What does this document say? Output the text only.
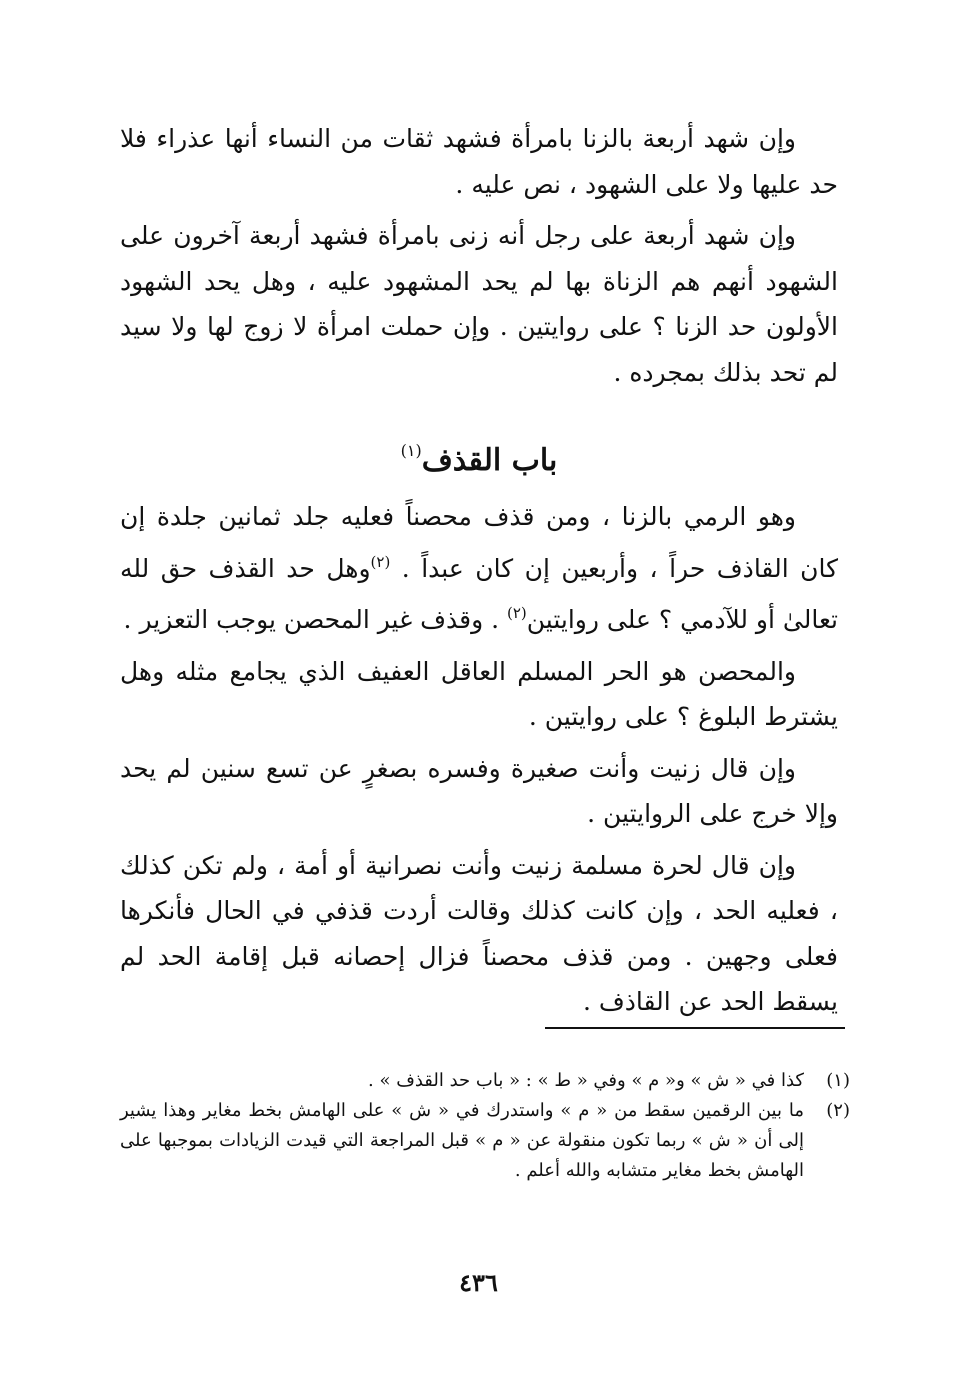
وإن شهد أربعة بالزنا بامرأة فشهد ثقات من النساء أنها عذراء فلا حد عليها ولا على الشهود ، نص عليه .

وإن شهد أربعة على رجل أنه زنى بامرأة فشهد أربعة آخرون على الشهود أنهم هم الزناة بها لم يحد المشهود عليه ، وهل يحد الشهود الأولون حد الزنا ؟ على روايتين . وإن حملت امرأة لا زوج لها ولا سيد لم تحد بذلك بمجرده .

باب القذف$^{(١)}$

وهو الرمي بالزنا ، ومن قذف محصناً فعليه جلد ثمانين جلدة إن كان القاذف حراً ، وأربعين إن كان عبداً . $^{(٢)}$وهل حد القذف حق لله تعالىٰ أو للآدمي ؟ على روايتين$^{(٢)}$ . وقذف غير المحصن يوجب التعزير .

والمحصن هو الحر المسلم العاقل العفيف الذي يجامع مثله وهل يشترط البلوغ ؟ على روايتين .

وإن قال زنيت وأنت صغيرة وفسره بصغرٍ عن تسع سنين لم يحد وإلا خرج على الروايتين .

وإن قال لحرة مسلمة زنيت وأنت نصرانية أو أمة ، ولم تكن كذلك ، فعليه الحد ، وإن كانت كذلك وقالت أردت قذفي في الحال فأنكرها فعلى وجهين . ومن قذف محصناً فزال إحصانه قبل إقامة الحد لم يسقط الحد عن القاذف .

(١)
كذا في « ش » و« م » وفي « ط » : « باب حد القذف » .
(٢)
ما بين الرقمين سقط من « م » واستدرك في « ش » على الهامش بخط مغاير وهذا يشير إلى أن « ش » ربما تكون منقولة عن « م » قبل المراجعة التي قيدت الزيادات بموجبها على الهامش بخط مغاير متشابه والله أعلم .
٤٣٦
